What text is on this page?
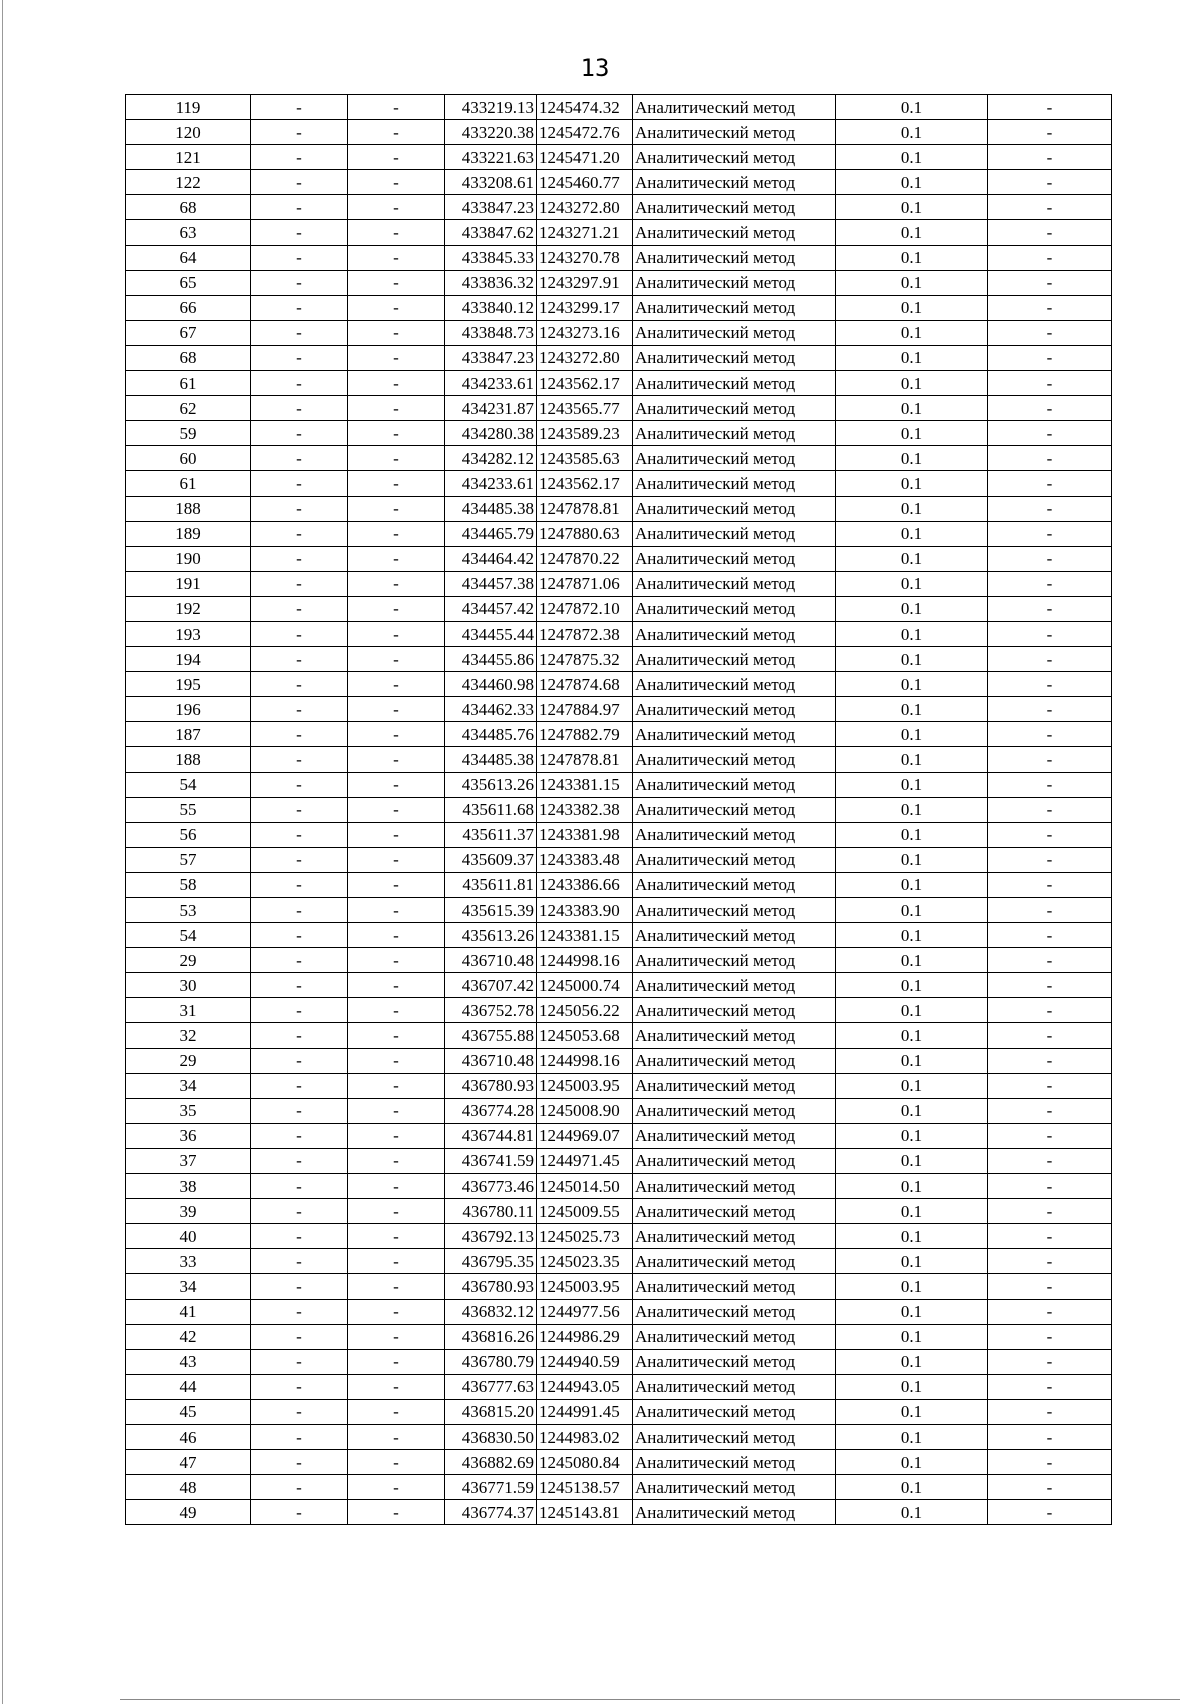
13
119	-	-	433219.13	1245474.32	Аналитический метод	0.1	-
120	-	-	433220.38	1245472.76	Аналитический метод	0.1	-
121	-	-	433221.63	1245471.20	Аналитический метод	0.1	-
122	-	-	433208.61	1245460.77	Аналитический метод	0.1	-
68	-	-	433847.23	1243272.80	Аналитический метод	0.1	-
63	-	-	433847.62	1243271.21	Аналитический метод	0.1	-
64	-	-	433845.33	1243270.78	Аналитический метод	0.1	-
65	-	-	433836.32	1243297.91	Аналитический метод	0.1	-
66	-	-	433840.12	1243299.17	Аналитический метод	0.1	-
67	-	-	433848.73	1243273.16	Аналитический метод	0.1	-
68	-	-	433847.23	1243272.80	Аналитический метод	0.1	-
61	-	-	434233.61	1243562.17	Аналитический метод	0.1	-
62	-	-	434231.87	1243565.77	Аналитический метод	0.1	-
59	-	-	434280.38	1243589.23	Аналитический метод	0.1	-
60	-	-	434282.12	1243585.63	Аналитический метод	0.1	-
61	-	-	434233.61	1243562.17	Аналитический метод	0.1	-
188	-	-	434485.38	1247878.81	Аналитический метод	0.1	-
189	-	-	434465.79	1247880.63	Аналитический метод	0.1	-
190	-	-	434464.42	1247870.22	Аналитический метод	0.1	-
191	-	-	434457.38	1247871.06	Аналитический метод	0.1	-
192	-	-	434457.42	1247872.10	Аналитический метод	0.1	-
193	-	-	434455.44	1247872.38	Аналитический метод	0.1	-
194	-	-	434455.86	1247875.32	Аналитический метод	0.1	-
195	-	-	434460.98	1247874.68	Аналитический метод	0.1	-
196	-	-	434462.33	1247884.97	Аналитический метод	0.1	-
187	-	-	434485.76	1247882.79	Аналитический метод	0.1	-
188	-	-	434485.38	1247878.81	Аналитический метод	0.1	-
54	-	-	435613.26	1243381.15	Аналитический метод	0.1	-
55	-	-	435611.68	1243382.38	Аналитический метод	0.1	-
56	-	-	435611.37	1243381.98	Аналитический метод	0.1	-
57	-	-	435609.37	1243383.48	Аналитический метод	0.1	-
58	-	-	435611.81	1243386.66	Аналитический метод	0.1	-
53	-	-	435615.39	1243383.90	Аналитический метод	0.1	-
54	-	-	435613.26	1243381.15	Аналитический метод	0.1	-
29	-	-	436710.48	1244998.16	Аналитический метод	0.1	-
30	-	-	436707.42	1245000.74	Аналитический метод	0.1	-
31	-	-	436752.78	1245056.22	Аналитический метод	0.1	-
32	-	-	436755.88	1245053.68	Аналитический метод	0.1	-
29	-	-	436710.48	1244998.16	Аналитический метод	0.1	-
34	-	-	436780.93	1245003.95	Аналитический метод	0.1	-
35	-	-	436774.28	1245008.90	Аналитический метод	0.1	-
36	-	-	436744.81	1244969.07	Аналитический метод	0.1	-
37	-	-	436741.59	1244971.45	Аналитический метод	0.1	-
38	-	-	436773.46	1245014.50	Аналитический метод	0.1	-
39	-	-	436780.11	1245009.55	Аналитический метод	0.1	-
40	-	-	436792.13	1245025.73	Аналитический метод	0.1	-
33	-	-	436795.35	1245023.35	Аналитический метод	0.1	-
34	-	-	436780.93	1245003.95	Аналитический метод	0.1	-
41	-	-	436832.12	1244977.56	Аналитический метод	0.1	-
42	-	-	436816.26	1244986.29	Аналитический метод	0.1	-
43	-	-	436780.79	1244940.59	Аналитический метод	0.1	-
44	-	-	436777.63	1244943.05	Аналитический метод	0.1	-
45	-	-	436815.20	1244991.45	Аналитический метод	0.1	-
46	-	-	436830.50	1244983.02	Аналитический метод	0.1	-
47	-	-	436882.69	1245080.84	Аналитический метод	0.1	-
48	-	-	436771.59	1245138.57	Аналитический метод	0.1	-
49	-	-	436774.37	1245143.81	Аналитический метод	0.1	-
